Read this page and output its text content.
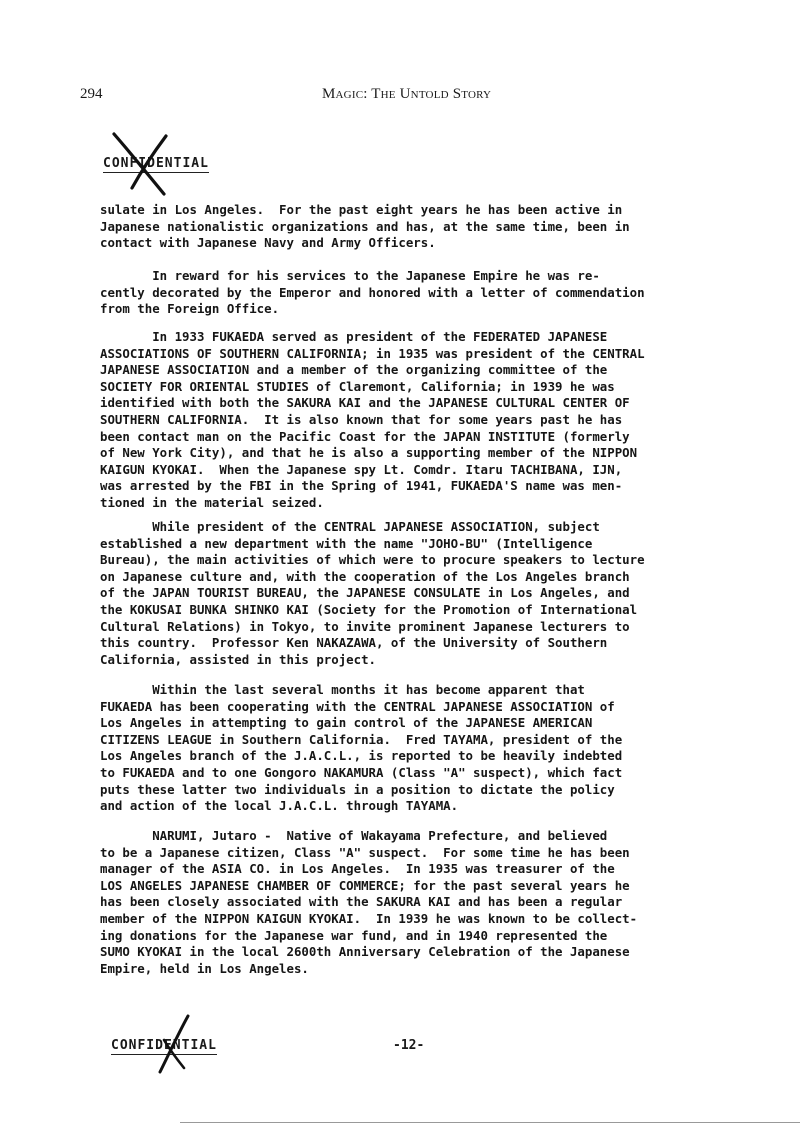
294	Magic: The Untold Story
CONFIDENTIAL
sulate in Los Angeles.  For the past eight years he has been active in
Japanese nationalistic organizations and has, at the same time, been in
contact with Japanese Navy and Army Officers.
In reward for his services to the Japanese Empire he was re-
cently decorated by the Emperor and honored with a letter of commendation
from the Foreign Office.
In 1933 FUKAEDA served as president of the FEDERATED JAPANESE
ASSOCIATIONS OF SOUTHERN CALIFORNIA; in 1935 was president of the CENTRAL
JAPANESE ASSOCIATION and a member of the organizing committee of the
SOCIETY FOR ORIENTAL STUDIES of Claremont, California; in 1939 he was
identified with both the SAKURA KAI and the JAPANESE CULTURAL CENTER OF
SOUTHERN CALIFORNIA.  It is also known that for some years past he has
been contact man on the Pacific Coast for the JAPAN INSTITUTE (formerly
of New York City), and that he is also a supporting member of the NIPPON
KAIGUN KYOKAI.  When the Japanese spy Lt. Comdr. Itaru TACHIBANA, IJN,
was arrested by the FBI in the Spring of 1941, FUKAEDA'S name was men-
tioned in the material seized.
While president of the CENTRAL JAPANESE ASSOCIATION, subject
established a new department with the name "JOHO-BU" (Intelligence
Bureau), the main activities of which were to procure speakers to lecture
on Japanese culture and, with the cooperation of the Los Angeles branch
of the JAPAN TOURIST BUREAU, the JAPANESE CONSULATE in Los Angeles, and
the KOKUSAI BUNKA SHINKO KAI (Society for the Promotion of International
Cultural Relations) in Tokyo, to invite prominent Japanese lecturers to
this country.  Professor Ken NAKAZAWA, of the University of Southern
California, assisted in this project.
Within the last several months it has become apparent that
FUKAEDA has been cooperating with the CENTRAL JAPANESE ASSOCIATION of
Los Angeles in attempting to gain control of the JAPANESE AMERICAN
CITIZENS LEAGUE in Southern California.  Fred TAYAMA, president of the
Los Angeles branch of the J.A.C.L., is reported to be heavily indebted
to FUKAEDA and to one Gongoro NAKAMURA (Class "A" suspect), which fact
puts these latter two individuals in a position to dictate the policy
and action of the local J.A.C.L. through TAYAMA.
NARUMI, Jutaro -  Native of Wakayama Prefecture, and believed
to be a Japanese citizen, Class "A" suspect.  For some time he has been
manager of the ASIA CO. in Los Angeles.  In 1935 was treasurer of the
LOS ANGELES JAPANESE CHAMBER OF COMMERCE; for the past several years he
has been closely associated with the SAKURA KAI and has been a regular
member of the NIPPON KAIGUN KYOKAI.  In 1939 he was known to be collect-
ing donations for the Japanese war fund, and in 1940 represented the
SUMO KYOKAI in the local 2600th Anniversary Celebration of the Japanese
Empire, held in Los Angeles.
CONFIDENTIAL	-12-
